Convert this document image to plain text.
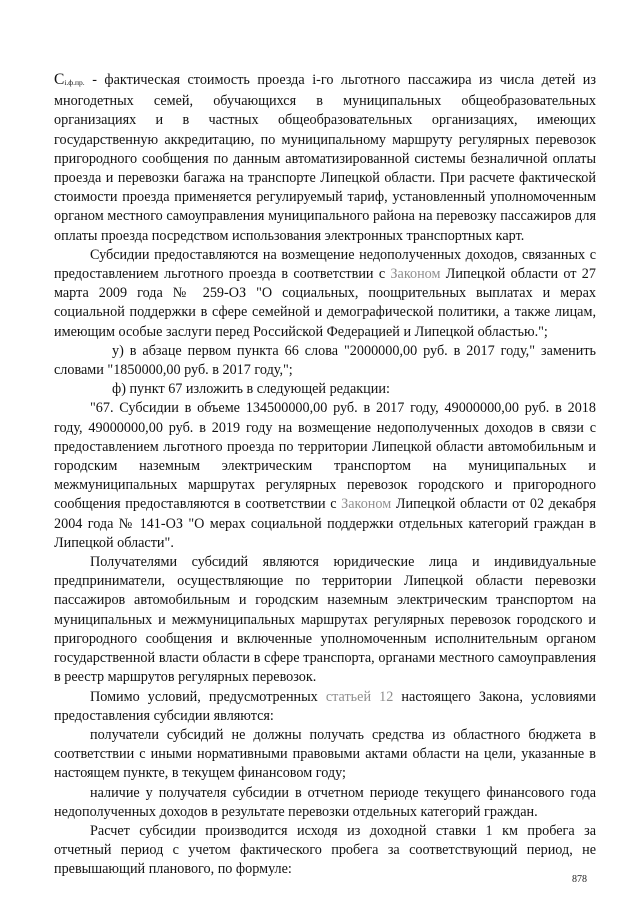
Ci.ф.пр. - фактическая стоимость проезда i-го льготного пассажира из числа детей из многодетных семей, обучающихся в муниципальных общеобразовательных организациях и в частных общеобразовательных организациях, имеющих государственную аккредитацию, по муниципальному маршруту регулярных перевозок пригородного сообщения по данным автоматизированной системы безналичной оплаты проезда и перевозки багажа на транспорте Липецкой области. При расчете фактической стоимости проезда применяется регулируемый тариф, установленный уполномоченным органом местного самоуправления муниципального района на перевозку пассажиров для оплаты проезда посредством использования электронных транспортных карт.

Субсидии предоставляются на возмещение недополученных доходов, связанных с предоставлением льготного проезда в соответствии с Законом Липецкой области от 27 марта 2009 года № 259-ОЗ "О социальных, поощрительных выплатах и мерах социальной поддержки в сфере семейной и демографической политики, а также лицам, имеющим особые заслуги перед Российской Федерацией и Липецкой областью.";

у) в абзаце первом пункта 66 слова "2000000,00 руб. в 2017 году," заменить словами "1850000,00 руб. в 2017 году,";

ф) пункт 67 изложить в следующей редакции:

"67. Субсидии в объеме 134500000,00 руб. в 2017 году, 49000000,00 руб. в 2018 году, 49000000,00 руб. в 2019 году на возмещение недополученных доходов в связи с предоставлением льготного проезда по территории Липецкой области автомобильным и городским наземным электрическим транспортом на муниципальных и межмуниципальных маршрутах регулярных перевозок городского и пригородного сообщения предоставляются в соответствии с Законом Липецкой области от 02 декабря 2004 года № 141-ОЗ "О мерах социальной поддержки отдельных категорий граждан в Липецкой области".

Получателями субсидий являются юридические лица и индивидуальные предприниматели, осуществляющие по территории Липецкой области перевозки пассажиров автомобильным и городским наземным электрическим транспортом на муниципальных и межмуниципальных маршрутах регулярных перевозок городского и пригородного сообщения и включенные уполномоченным исполнительным органом государственной власти области в сфере транспорта, органами местного самоуправления в реестр маршрутов регулярных перевозок.

Помимо условий, предусмотренных статьей 12 настоящего Закона, условиями предоставления субсидии являются:

получатели субсидий не должны получать средства из областного бюджета в соответствии с иными нормативными правовыми актами области на цели, указанные в настоящем пункте, в текущем финансовом году;

наличие у получателя субсидии в отчетном периоде текущего финансового года недополученных доходов в результате перевозки отдельных категорий граждан.

Расчет субсидии производится исходя из доходной ставки 1 км пробега за отчетный период с учетом фактического пробега за соответствующий период, не превышающий планового, по формуле:

878
